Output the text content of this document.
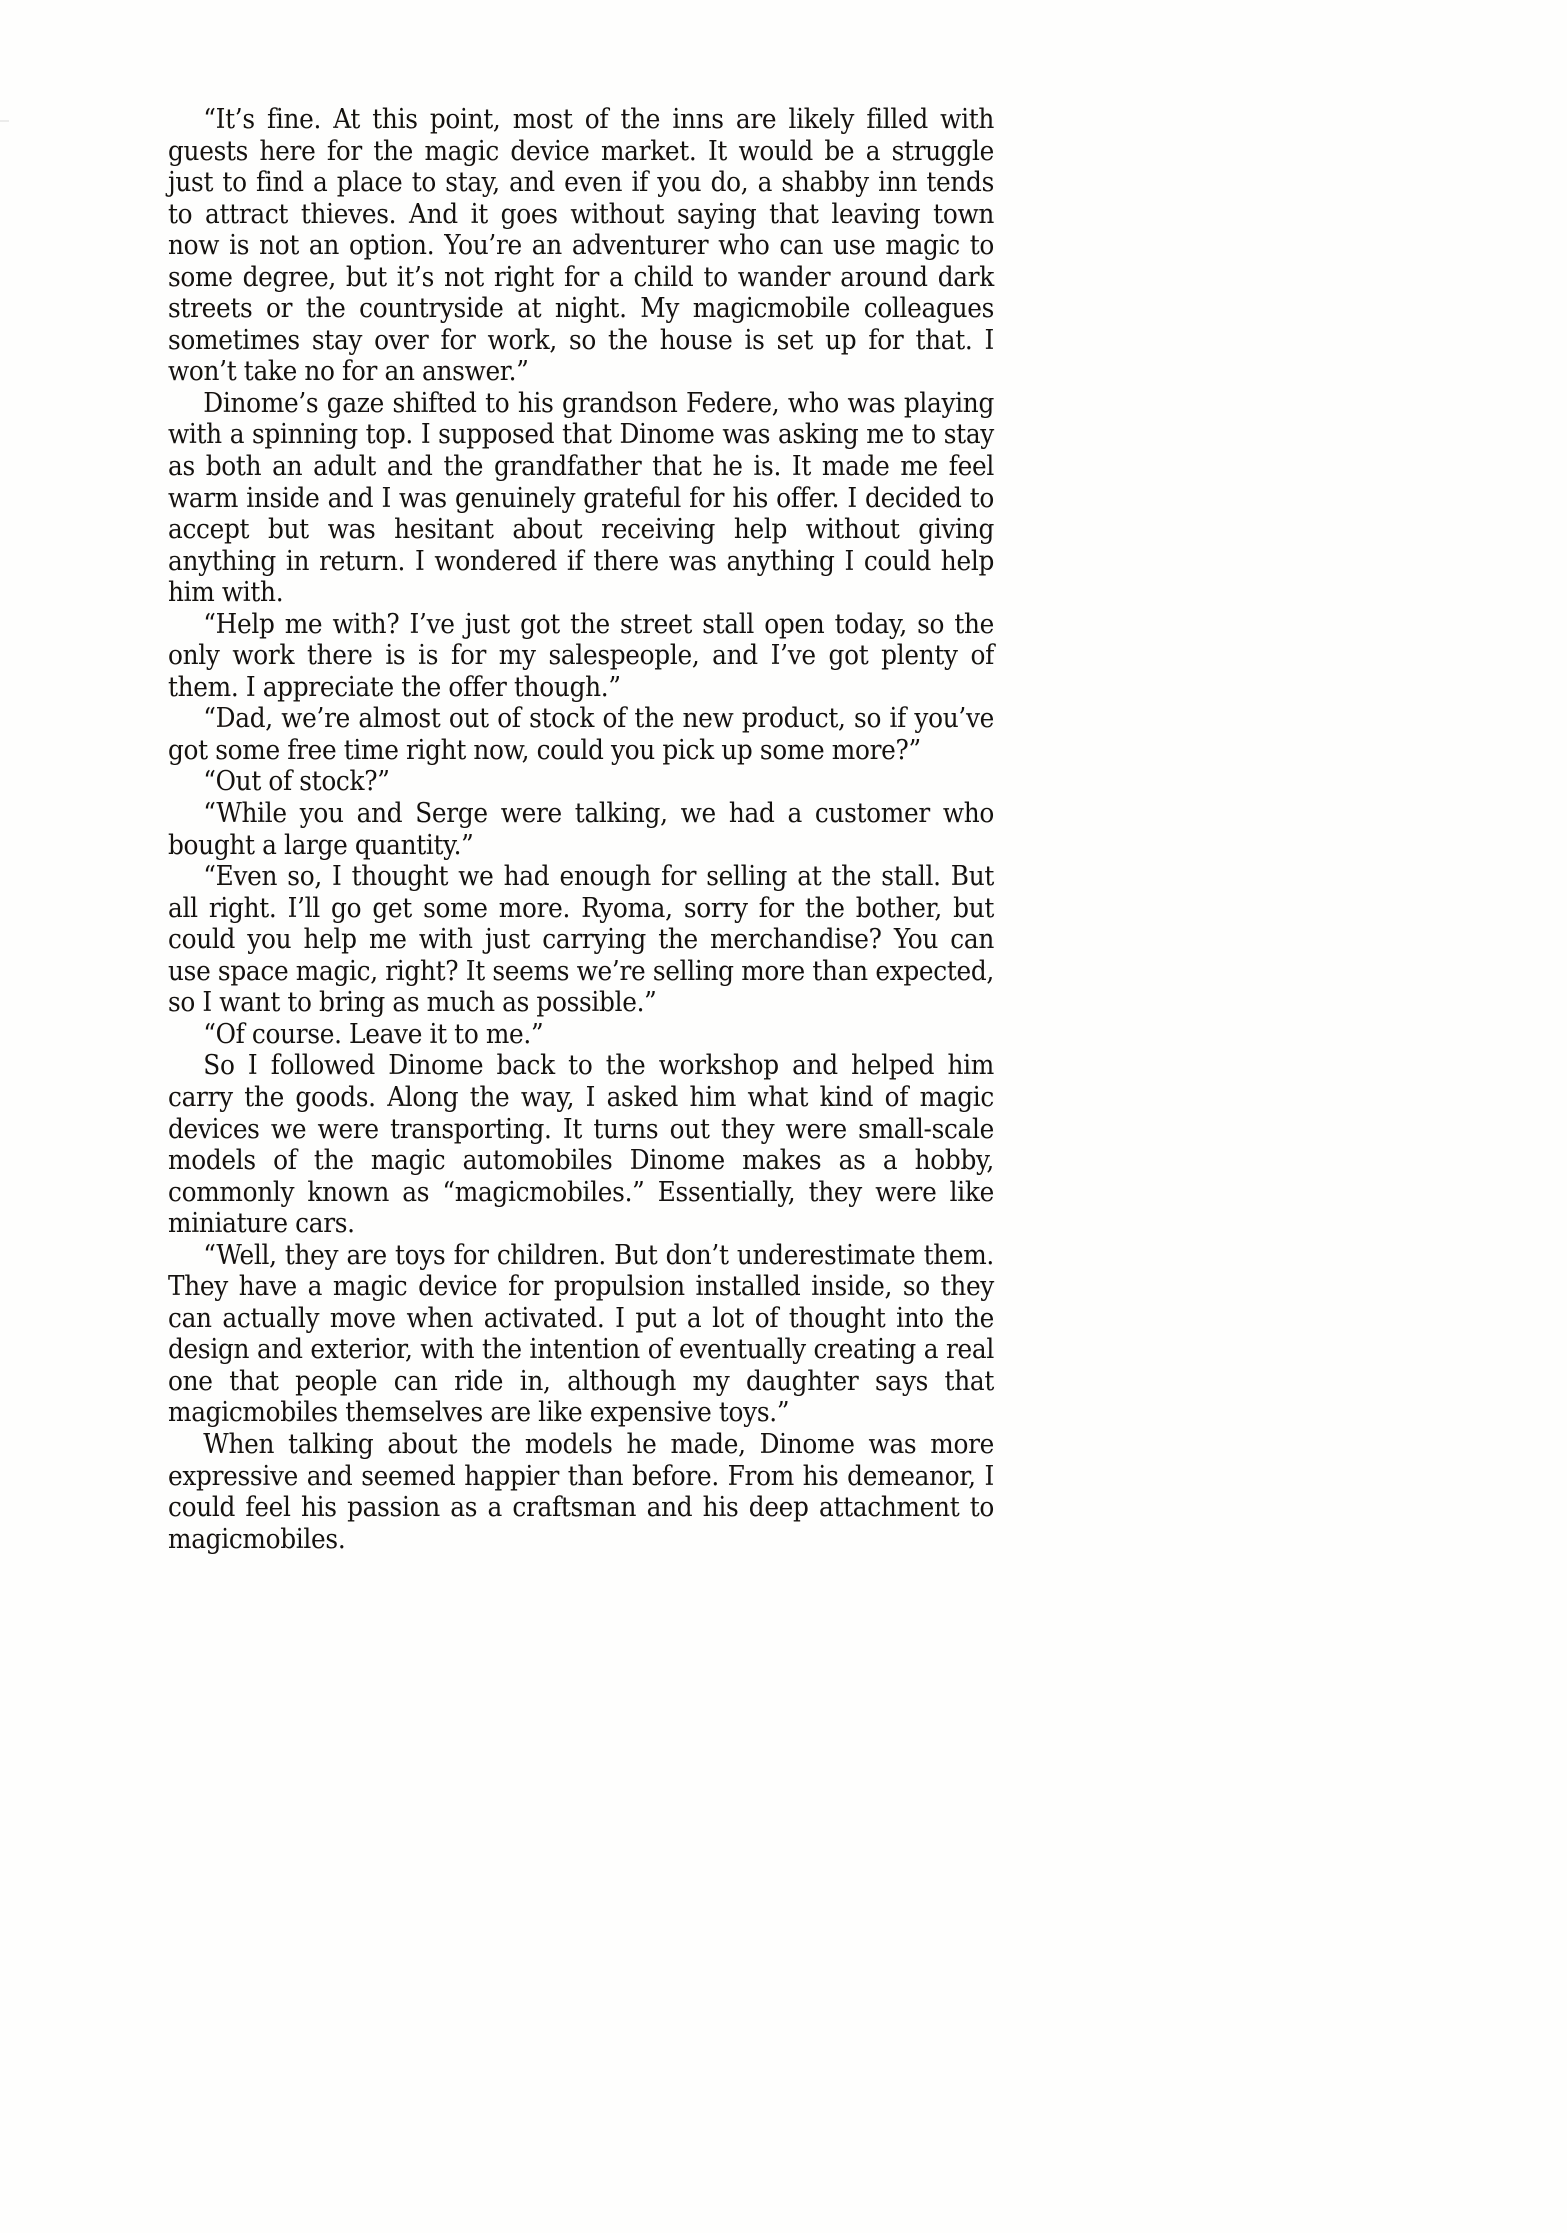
“It’s fine. At this point, most of the inns are likely filled with guests here for the magic device market. It would be a struggle just to find a place to stay, and even if you do, a shabby inn tends to attract thieves. And it goes without saying that leaving town now is not an option. You’re an adventurer who can use magic to some degree, but it’s not right for a child to wander around dark streets or the countryside at night. My magicmobile colleagues sometimes stay over for work, so the house is set up for that. I won’t take no for an answer.”

Dinome’s gaze shifted to his grandson Federe, who was playing with a spinning top. I supposed that Dinome was asking me to stay as both an adult and the grandfather that he is. It made me feel warm inside and I was genuinely grateful for his offer. I decided to accept but was hesitant about receiving help without giving anything in return. I wondered if there was anything I could help him with.

“Help me with? I’ve just got the street stall open today, so the only work there is is for my salespeople, and I’ve got plenty of them. I appreciate the offer though.”

“Dad, we’re almost out of stock of the new product, so if you’ve got some free time right now, could you pick up some more?”

“Out of stock?”

“While you and Serge were talking, we had a customer who bought a large quantity.”

“Even so, I thought we had enough for selling at the stall. But all right. I’ll go get some more. Ryoma, sorry for the bother, but could you help me with just carrying the merchandise? You can use space magic, right? It seems we’re selling more than expected, so I want to bring as much as possible.”

“Of course. Leave it to me.”

So I followed Dinome back to the workshop and helped him carry the goods. Along the way, I asked him what kind of magic devices we were transporting. It turns out they were small-scale models of the magic automobiles Dinome makes as a hobby, commonly known as “magicmobiles.” Essentially, they were like miniature cars.

“Well, they are toys for children. But don’t underestimate them. They have a magic device for propulsion installed inside, so they can actually move when activated. I put a lot of thought into the design and exterior, with the intention of eventually creating a real one that people can ride in, although my daughter says that magicmobiles themselves are like expensive toys.”

When talking about the models he made, Dinome was more expressive and seemed happier than before. From his demeanor, I could feel his passion as a craftsman and his deep attachment to magicmobiles.
